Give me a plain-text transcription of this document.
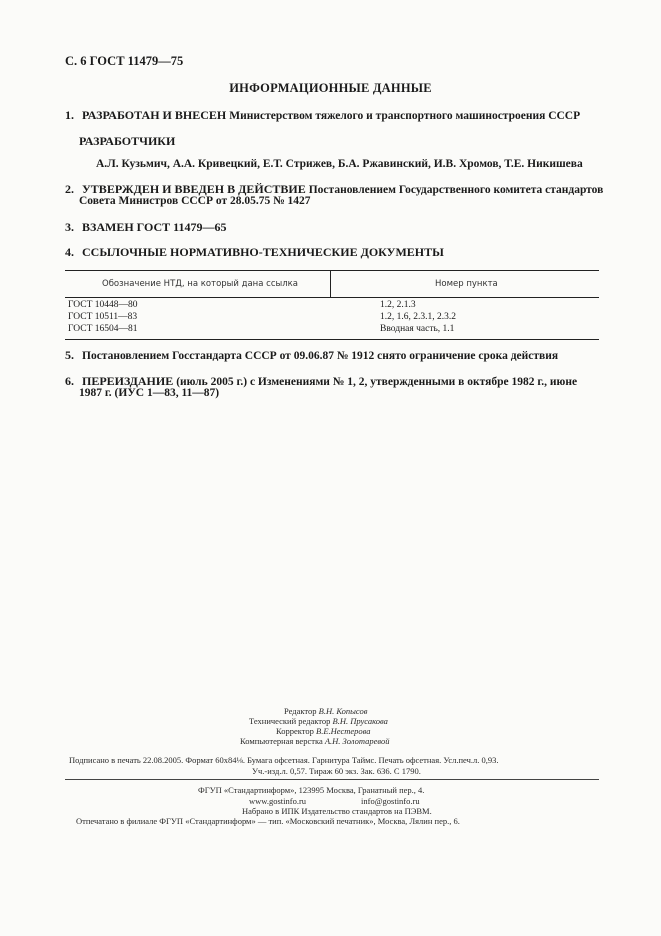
С. 6 ГОСТ 11479—75
ИНФОРМАЦИОННЫЕ ДАННЫЕ
1. РАЗРАБОТАН И ВНЕСЕН Министерством тяжелого и транспортного машиностроения СССР
РАЗРАБОТЧИКИ
А.Л. Кузьмич, А.А. Кривецкий, Е.Т. Стрижев, Б.А. Ржавинский, И.В. Хромов, Т.Е. Никишева
2. УТВЕРЖДЕН И ВВЕДЕН В ДЕЙСТВИЕ Постановлением Государственного комитета стандартов
Совета Министров СССР от 28.05.75 № 1427
3. ВЗАМЕН ГОСТ 11479—65
4. ССЫЛОЧНЫЕ НОРМАТИВНО-ТЕХНИЧЕСКИЕ ДОКУМЕНТЫ
Обозначение НТД, на который дана ссылка	Номер пункта
ГОСТ 10448—80	1.2, 2.1.3
ГОСТ 10511—83	1.2, 1.6, 2.3.1, 2.3.2
ГОСТ 16504—81	Вводная часть, 1.1
5. Постановлением Госстандарта СССР от 09.06.87 № 1912 снято ограничение срока действия
6. ПЕРЕИЗДАНИЕ (июль 2005 г.) с Изменениями № 1, 2, утвержденными в октябре 1982 г., июне
1987 г. (ИУС 1—83, 11—87)
Редактор В.Н. Копысов
Технический редактор В.Н. Прусакова
Корректор В.Е.Нестерова
Компьютерная верстка А.Н. Золотаревой
Подписано в печать 22.08.2005. Формат 60х84⅛. Бумага офсетная. Гарнитура Таймс. Печать офсетная. Усл.печ.л. 0,93.
Уч.-изд.л. 0,57. Тираж 60 экз. Зак. 636. С 1790.
ФГУП «Стандартинформ», 123995 Москва, Гранатный пер., 4.
www.gostinfo.ru	info@gostinfo.ru
Набрано в ИПК Издательство стандартов на ПЭВМ.
Отпечатано в филиале ФГУП «Стандартинформ» — тип. «Московский печатник», Москва, Лялин пер., 6.
